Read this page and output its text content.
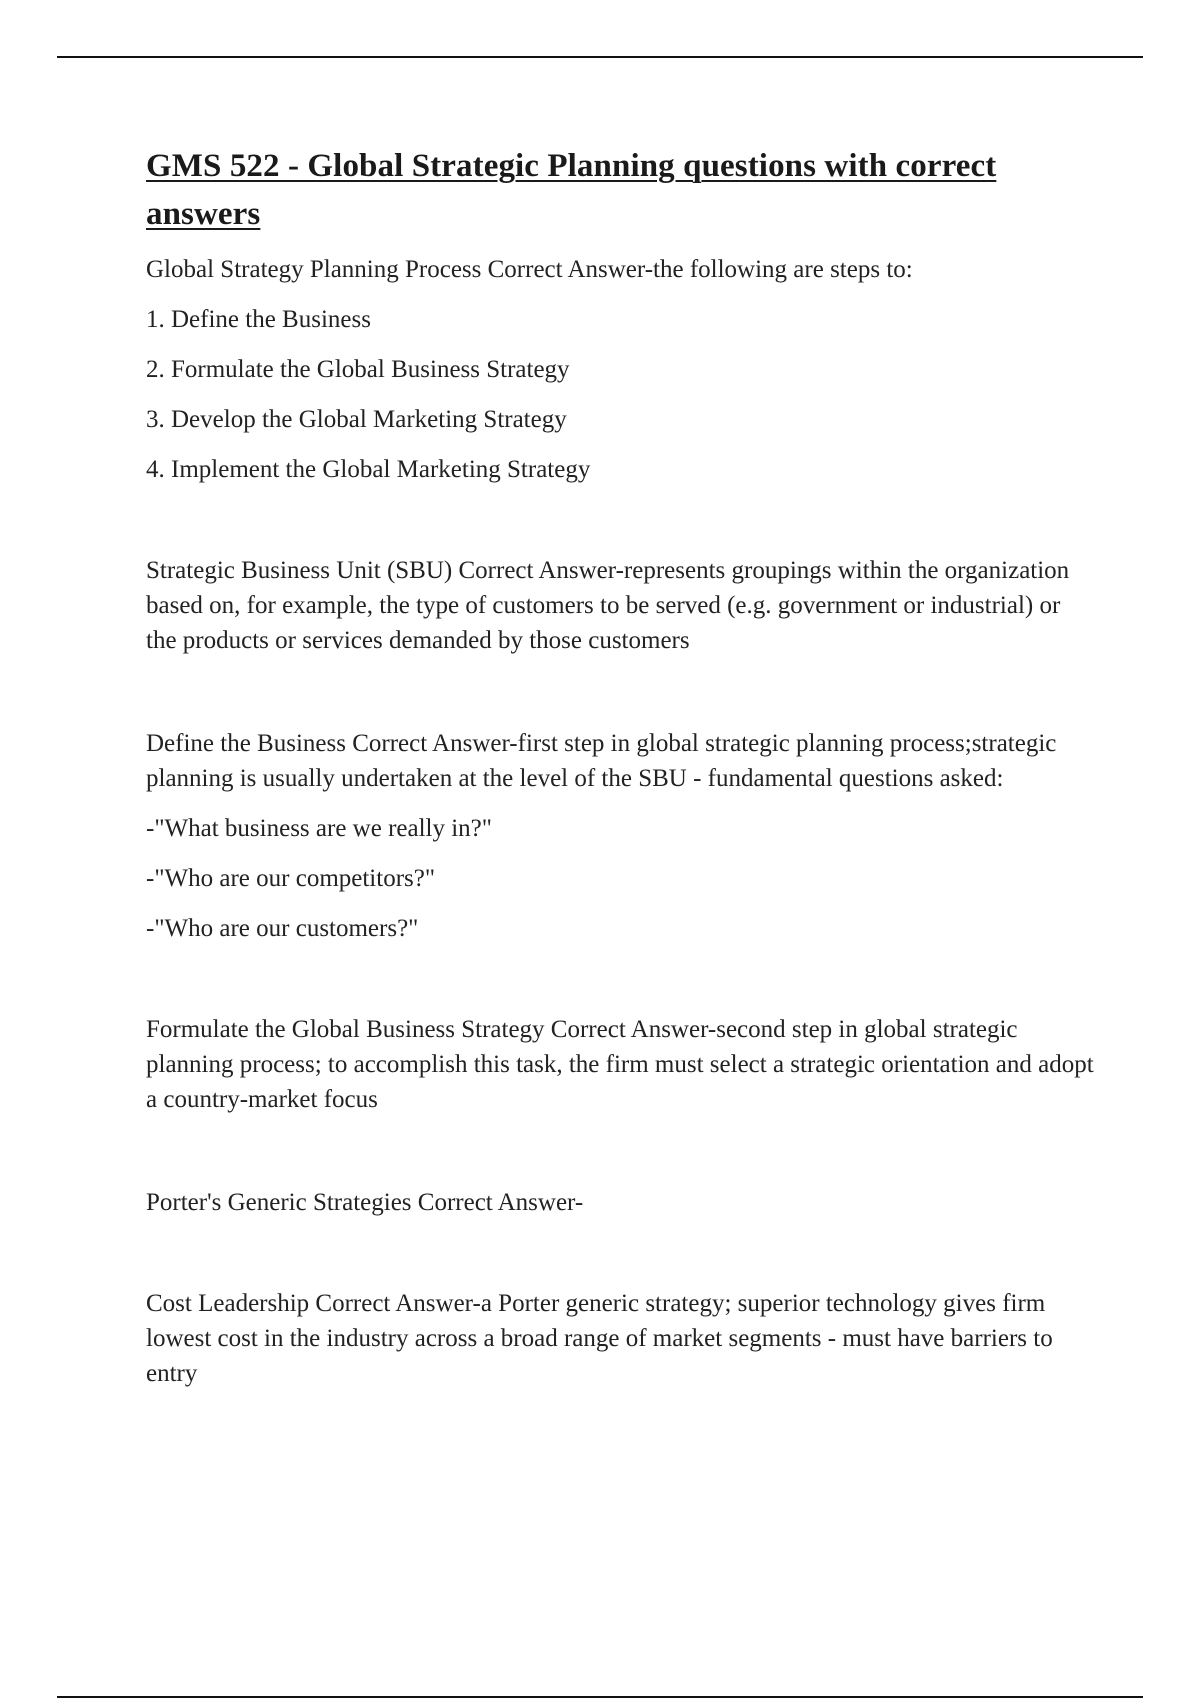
GMS 522 - Global Strategic Planning questions with correct answers

Global Strategy Planning Process Correct Answer-the following are steps to:

1. Define the Business

2. Formulate the Global Business Strategy

3. Develop the Global Marketing Strategy

4. Implement the Global Marketing Strategy

Strategic Business Unit (SBU) Correct Answer-represents groupings within the organization based on, for example, the type of customers to be served (e.g. government or industrial) or the products or services demanded by those customers

Define the Business Correct Answer-first step in global strategic planning process;strategic planning is usually undertaken at the level of the SBU - fundamental questions asked:

-"What business are we really in?"

-"Who are our competitors?"

-"Who are our customers?"

Formulate the Global Business Strategy Correct Answer-second step in global strategic planning process; to accomplish this task, the firm must select a strategic orientation and adopt a country-market focus

Porter's Generic Strategies Correct Answer-

Cost Leadership Correct Answer-a Porter generic strategy; superior technology gives firm lowest cost in the industry across a broad range of market segments - must have barriers to entry
